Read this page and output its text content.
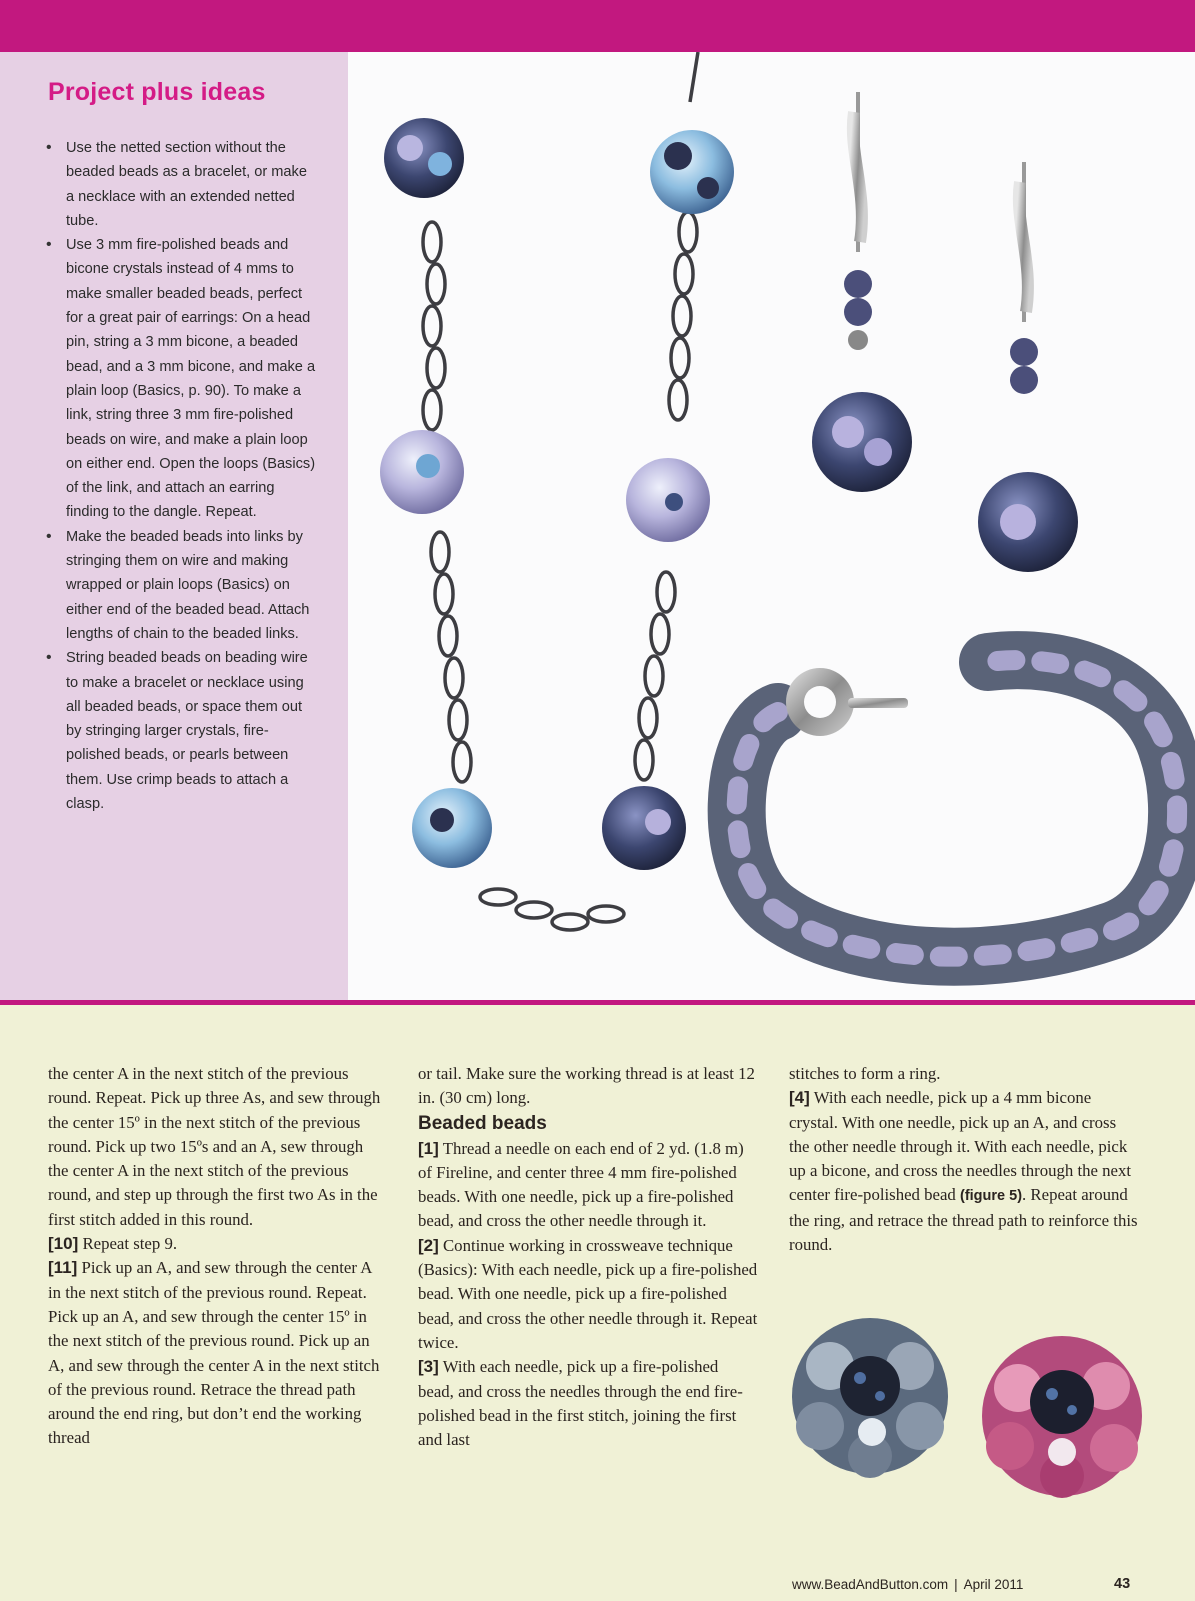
Project plus ideas
• Use the netted section without the beaded beads as a bracelet, or make a necklace with an extended netted tube.
• Use 3 mm fire-polished beads and bicone crystals instead of 4 mms to make smaller beaded beads, perfect for a great pair of earrings: On a head pin, string a 3 mm bicone, a beaded bead, and a 3 mm bicone, and make a plain loop (Basics, p. 90). To make a link, string three 3 mm fire-polished beads on wire, and make a plain loop on either end. Open the loops (Basics) of the link, and attach an earring finding to the dangle. Repeat.
• Make the beaded beads into links by stringing them on wire and making wrapped or plain loops (Basics) on either end of the beaded bead. Attach lengths of chain to the beaded links.
• String beaded beads on beading wire to make a bracelet or necklace using all beaded beads, or space them out by stringing larger crystals, fire-polished beads, or pearls between them. Use crimp beads to attach a clasp.

the center A in the next stitch of the previous round. Repeat. Pick up three As, and sew through the center 15º in the next stitch of the previous round. Pick up two 15ºs and an A, sew through the center A in the next stitch of the previous round, and step up through the first two As in the first stitch added in this round.

[10] Repeat step 9.

[11] Pick up an A, and sew through the center A in the next stitch of the previous round. Repeat. Pick up an A, and sew through the center 15º in the next stitch of the previous round. Pick up an A, and sew through the center A in the next stitch of the previous round. Retrace the thread path around the end ring, but don’t end the working thread

or tail. Make sure the working thread is at least 12 in. (30 cm) long.

Beaded beads

[1] Thread a needle on each end of 2 yd. (1.8 m) of Fireline, and center three 4 mm fire-polished beads. With one needle, pick up a fire-polished bead, and cross the other needle through it.

[2] Continue working in crossweave technique (Basics): With each needle, pick up a fire-polished bead. With one needle, pick up a fire-polished bead, and cross the other needle through it. Repeat twice.

[3] With each needle, pick up a fire-polished bead, and cross the needles through the end fire-polished bead in the first stitch, joining the first and last

stitches to form a ring.

[4] With each needle, pick up a 4 mm bicone crystal. With one needle, pick up an A, and cross the other needle through it. With each needle, pick up a bicone, and cross the needles through the next center fire-polished bead (figure 5). Repeat around the ring, and retrace the thread path to reinforce this round.

www.BeadAndButton.com | April 2011	43
